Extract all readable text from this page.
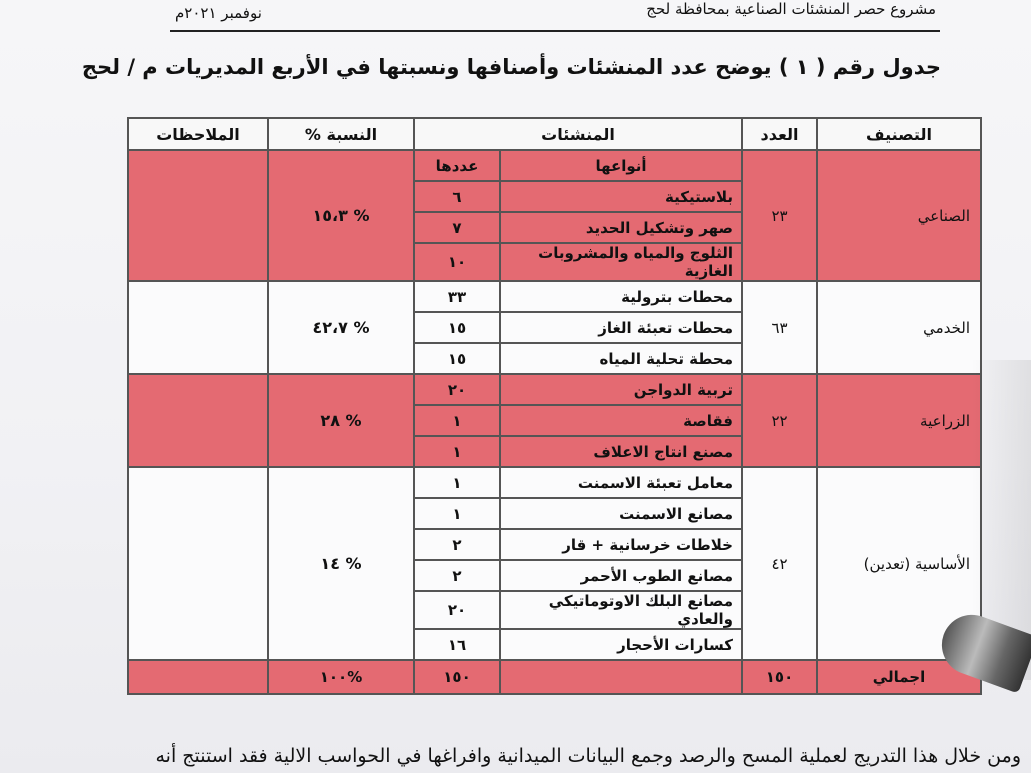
مشروع حصر المنشئات الصناعية بمحافظة لحج
نوفمبر ٢٠٢١م
جدول رقم ( ١ ) يوضح عدد المنشئات وأصنافها ونسبتها في الأربع المديريات م / لحج
التصنيف	العدد	المنشئات		النسبة %	الملاحظات
الصناعي	٢٣	أنواعها	عددها	% ١٥،٣	
		بلاستيكية	٦		
		صهر وتشكيل الحديد	٧		
		الثلوج والمياه والمشروبات الغازية	١٠		
الخدمي	٦٣	محطات بترولية	٣٣	% ٤٢،٧	
		محطات تعبئة الغاز	١٥		
		محطة تحلية المياه	١٥		
الزراعية	٢٢	تربية الدواجن	٢٠	% ٢٨	
		فقاصة	١		
		مصنع انتاج الاعلاف	١		
الأساسية (تعدين)	٤٢	معامل تعبئة الاسمنت	١	% ١٤	
		مصانع الاسمنت	١		
		خلاطات خرسانية + قار	٢		
		مصانع الطوب الأحمر	٢		
		مصانع البلك الاوتوماتيكي والعادي	٢٠		
		كسارات الأحجار	١٦		
اجمالي	١٥٠		١٥٠	%١٠٠	
ومن خلال هذا التدريج لعملية المسح والرصد وجمع البيانات الميدانية وافراغها في الحواسب الالية فقد استنتج أنه
